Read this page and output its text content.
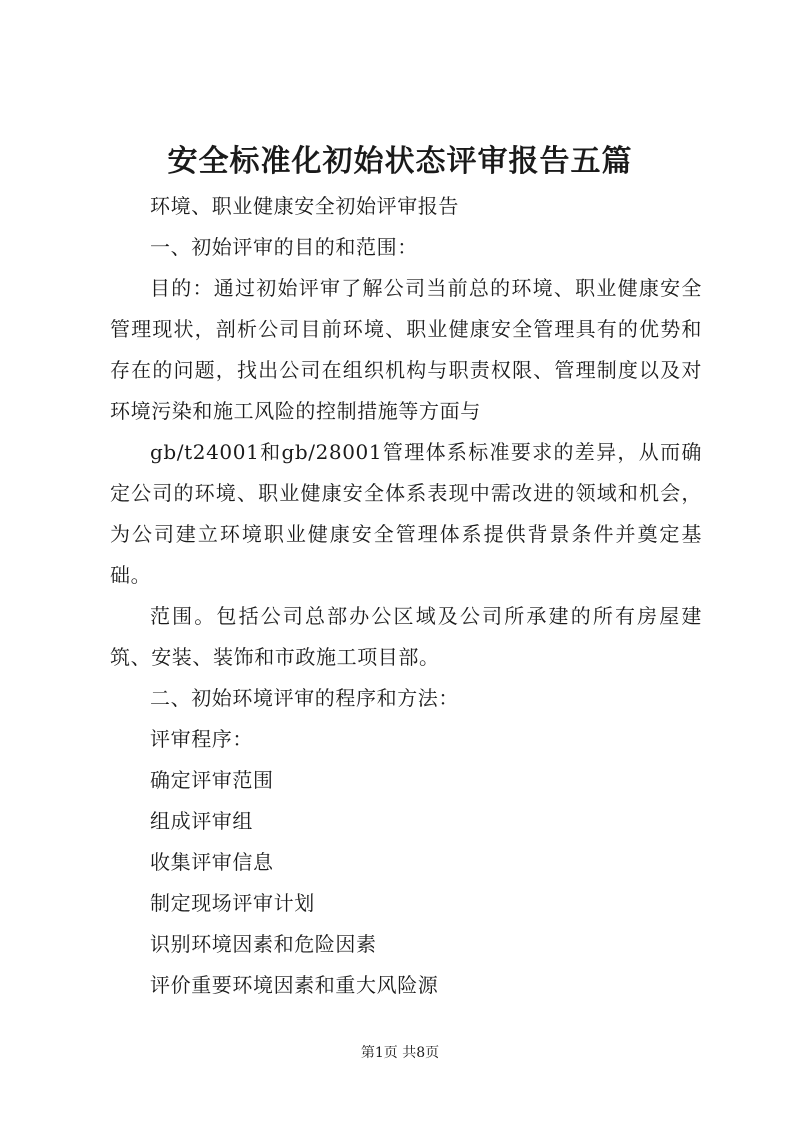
安全标准化初始状态评审报告五篇

环境、职业健康安全初始评审报告

一、初始评审的目的和范围：

目的：通过初始评审了解公司当前总的环境、职业健康安全管理现状，剖析公司目前环境、职业健康安全管理具有的优势和存在的问题，找出公司在组织机构与职责权限、管理制度以及对环境污染和施工风险的控制措施等方面与

gb/t24001和gb/28001管理体系标准要求的差异，从而确定公司的环境、职业健康安全体系表现中需改进的领域和机会，为公司建立环境职业健康安全管理体系提供背景条件并奠定基础。

范围。包括公司总部办公区域及公司所承建的所有房屋建筑、安装、装饰和市政施工项目部。

二、初始环境评审的程序和方法：

评审程序：

确定评审范围

组成评审组

收集评审信息

制定现场评审计划

识别环境因素和危险因素

评价重要环境因素和重大风险源

第1页 共8页
